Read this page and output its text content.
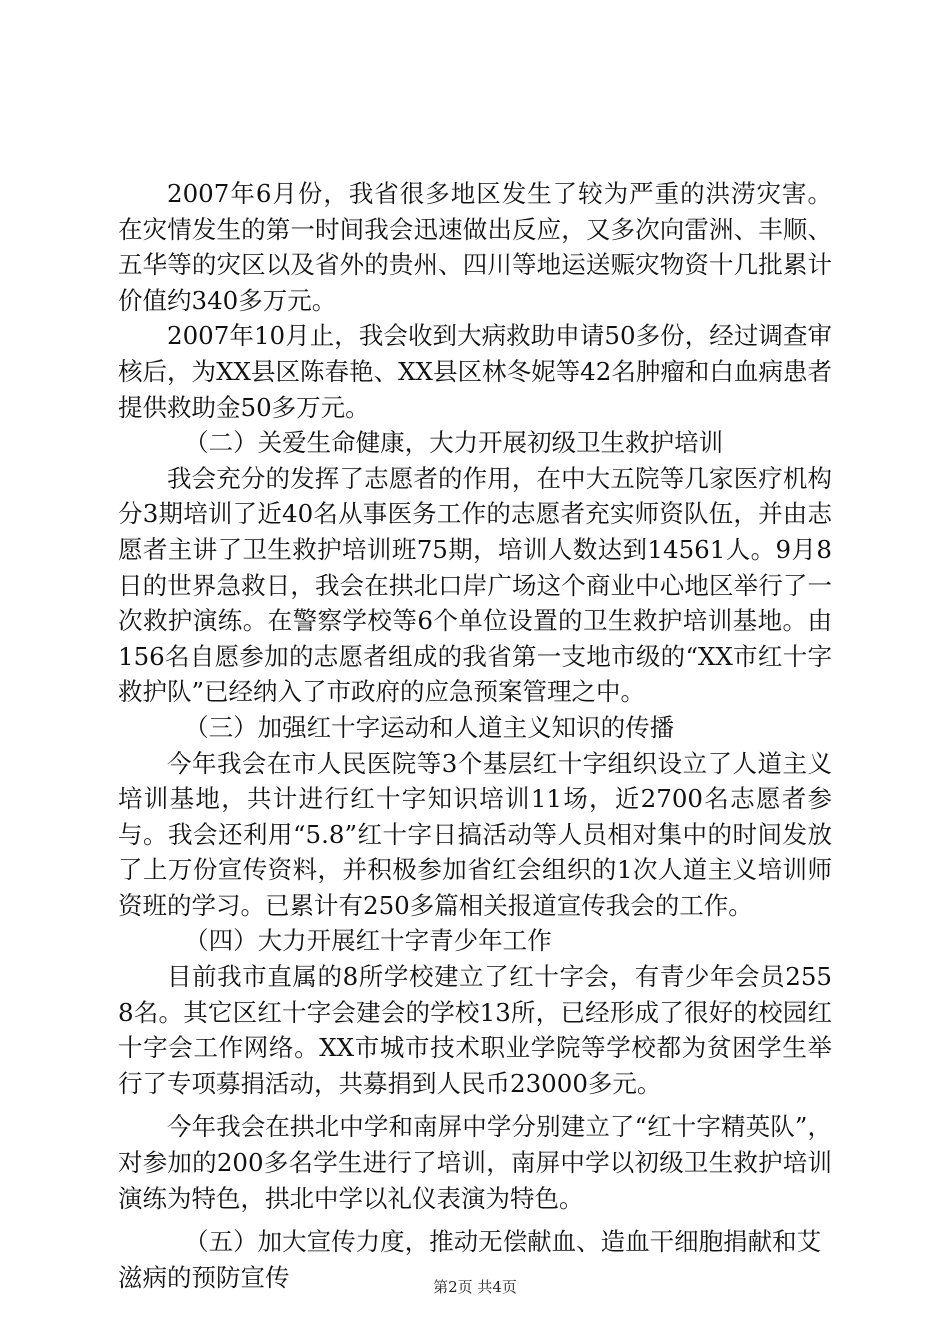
2007年6月份，我省很多地区发生了较为严重的洪涝灾害。在灾情发生的第一时间我会迅速做出反应，又多次向雷洲、丰顺、五华等的灾区以及省外的贵州、四川等地运送赈灾物资十几批累计价值约340多万元。

2007年10月止，我会收到大病救助申请50多份，经过调查审核后，为XX县区陈春艳、XX县区林冬妮等42名肿瘤和白血病患者提供救助金50多万元。

（二）关爱生命健康，大力开展初级卫生救护培训

我会充分的发挥了志愿者的作用，在中大五院等几家医疗机构分3期培训了近40名从事医务工作的志愿者充实师资队伍，并由志愿者主讲了卫生救护培训班75期，培训人数达到14561人。9月8日的世界急救日，我会在拱北口岸广场这个商业中心地区举行了一次救护演练。在警察学校等6个单位设置的卫生救护培训基地。由156名自愿参加的志愿者组成的我省第一支地市级的“XX市红十字救护队”已经纳入了市政府的应急预案管理之中。

（三）加强红十字运动和人道主义知识的传播

今年我会在市人民医院等3个基层红十字组织设立了人道主义培训基地，共计进行红十字知识培训11场，近2700名志愿者参与。我会还利用“5.8”红十字日搞活动等人员相对集中的时间发放了上万份宣传资料，并积极参加省红会组织的1次人道主义培训师资班的学习。已累计有250多篇相关报道宣传我会的工作。

（四）大力开展红十字青少年工作

目前我市直属的8所学校建立了红十字会，有青少年会员2558名。其它区红十字会建会的学校13所，已经形成了很好的校园红十字会工作网络。XX市城市技术职业学院等学校都为贫困学生举行了专项募捐活动，共募捐到人民币23000多元。

今年我会在拱北中学和南屏中学分别建立了“红十字精英队”，对参加的200多名学生进行了培训，南屏中学以初级卫生救护培训演练为特色，拱北中学以礼仪表演为特色。

（五）加大宣传力度，推动无偿献血、造血干细胞捐献和艾滋病的预防宣传	第2页 共4页
